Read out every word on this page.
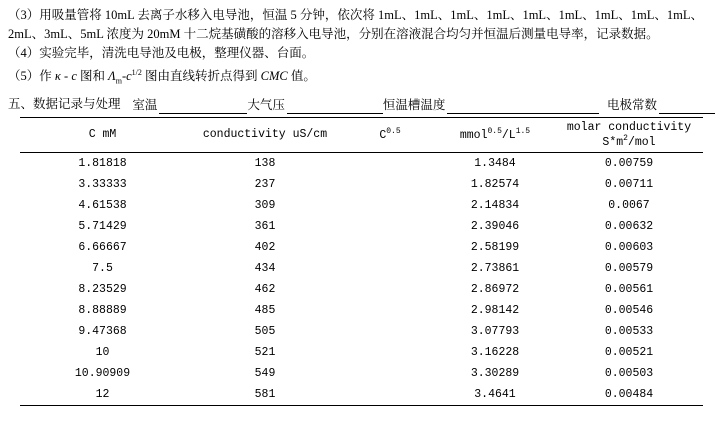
（3）用吸量管将 10mL 去离子水移入电导池，恒温 5 分钟，依次将 1mL、1mL、1mL、1mL、1mL、1mL、1mL、1mL、1mL、

2mL、3mL、5mL 浓度为 20mM 十二烷基磺酸的溶移入电导池，分别在溶液混合均匀并恒温后测量电导率，记录数据。

（4）实验完毕，清洗电导池及电极，整理仪器、台面。

（5）作 κ - c 图和 $\Lambda_m-c^{1/2}$ 图由直线转折点得到 CMC 值。

五、数据记录与处理 室温	大气压	恒温槽温度	电极常数
C mM	conductivity uS/cm	$C^{0.5}$	$mmol^{0.5}/L^{1.5}$	molar conductivity $S*m^2$/mol
1.81818	138		1.3484	0.00759
3.33333	237		1.82574	0.00711
4.61538	309		2.14834	0.0067
5.71429	361		2.39046	0.00632
6.66667	402		2.58199	0.00603
7.5	434		2.73861	0.00579
8.23529	462		2.86972	0.00561
8.88889	485		2.98142	0.00546
9.47368	505		3.07793	0.00533
10	521		3.16228	0.00521
10.90909	549		3.30289	0.00503
12	581		3.4641	0.00484
